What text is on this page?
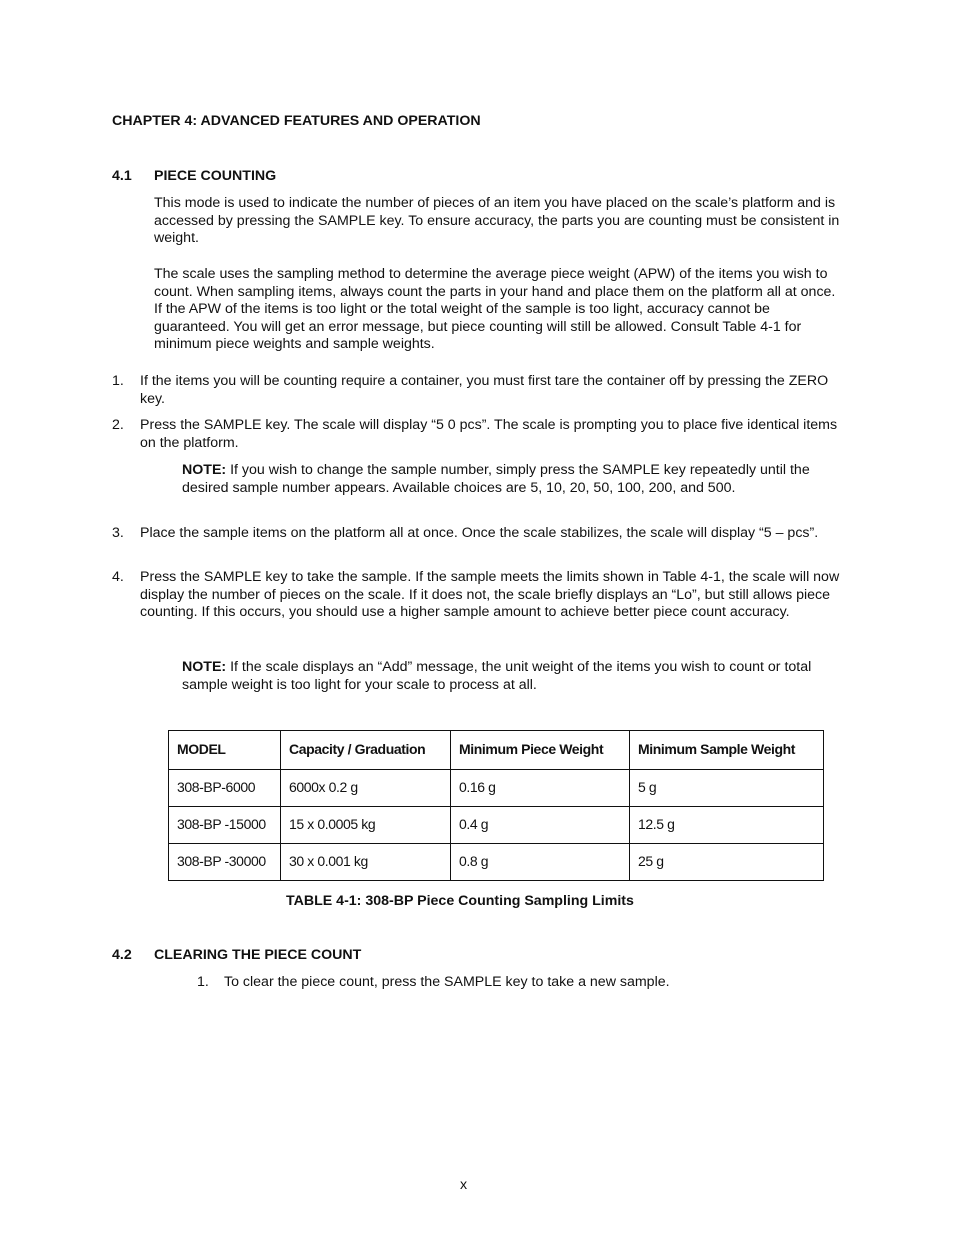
CHAPTER 4: ADVANCED FEATURES AND OPERATION
4.1 PIECE COUNTING
This mode is used to indicate the number of pieces of an item you have placed on the scale’s platform and is accessed by pressing the SAMPLE key. To ensure accuracy, the parts you are counting must be consistent in weight.
The scale uses the sampling method to determine the average piece weight (APW) of the items you wish to count. When sampling items, always count the parts in your hand and place them on the platform all at once. If the APW of the items is too light or the total weight of the sample is too light, accuracy cannot be guaranteed. You will get an error message, but piece counting will still be allowed. Consult Table 4-1 for minimum piece weights and sample weights.
1. If the items you will be counting require a container, you must first tare the container off by pressing the ZERO key.
2. Press the SAMPLE key. The scale will display “5 0 pcs”. The scale is prompting you to place five identical items on the platform.
NOTE: If you wish to change the sample number, simply press the SAMPLE key repeatedly until the desired sample number appears. Available choices are 5, 10, 20, 50, 100, 200, and 500.
3. Place the sample items on the platform all at once. Once the scale stabilizes, the scale will display “5 – pcs”.
4. Press the SAMPLE key to take the sample. If the sample meets the limits shown in Table 4-1, the scale will now display the number of pieces on the scale. If it does not, the scale briefly displays an “Lo”, but still allows piece counting. If this occurs, you should use a higher sample amount to achieve better piece count accuracy.
NOTE: If the scale displays an “Add” message, the unit weight of the items you wish to count or total sample weight is too light for your scale to process at all.
MODEL	Capacity / Graduation	Minimum Piece Weight	Minimum Sample Weight
308-BP-6000	6000x 0.2 g	0.16 g	5 g
308-BP -15000	15 x 0.0005 kg	0.4 g	12.5 g
308-BP -30000	30 x 0.001 kg	0.8 g	25 g
TABLE 4-1: 308-BP Piece Counting Sampling Limits
4.2 CLEARING THE PIECE COUNT
1. To clear the piece count, press the SAMPLE key to take a new sample.
x
